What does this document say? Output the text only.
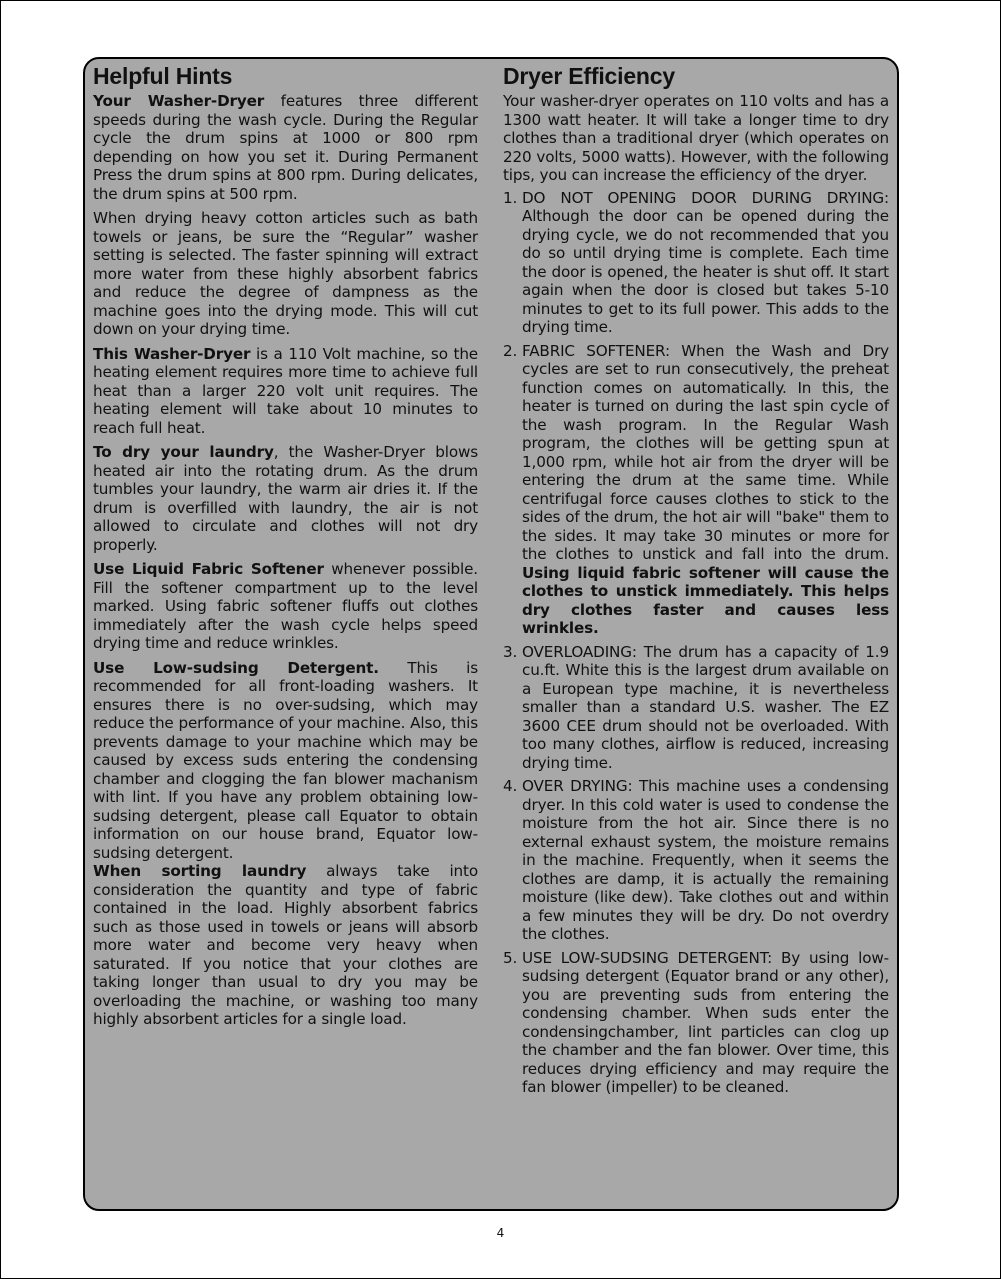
Helpful Hints

Your Washer-Dryer features three different speeds during the wash cycle. During the Regular cycle the drum spins at 1000 or 800 rpm depending on how you set it. During Permanent Press the drum spins at 800 rpm. During delicates, the drum spins at 500 rpm.

When drying heavy cotton articles such as bath towels or jeans, be sure the “Regular” washer setting is selected. The faster spinning will extract more water from these highly absorbent fabrics and reduce the degree of dampness as the machine goes into the drying mode. This will cut down on your drying time.

This Washer-Dryer is a 110 Volt machine, so the heating element requires more time to achieve full heat than a larger 220 volt unit requires. The heating element will take about 10 minutes to reach full heat.

To dry your laundry, the Washer-Dryer blows heated air into the rotating drum. As the drum tumbles your laundry, the warm air dries it. If the drum is overfilled with laundry, the air is not allowed to circulate and clothes will not dry properly.

Use Liquid Fabric Softener whenever possible. Fill the softener compartment up to the level marked. Using fabric softener fluffs out clothes immediately after the wash cycle helps speed drying time and reduce wrinkles.

Use Low-sudsing Detergent. This is recommended for all front-loading washers. It ensures there is no over-sudsing, which may reduce the performance of your machine. Also, this prevents damage to your machine which may be caused by excess suds entering the condensing chamber and clogging the fan blower machanism with lint. If you have any problem obtaining low-sudsing detergent, please call Equator to obtain information on our house brand, Equator low-sudsing detergent.

When sorting laundry always take into consideration the quantity and type of fabric contained in the load. Highly absorbent fabrics such as those used in towels or jeans will absorb more water and become very heavy when saturated. If you notice that your clothes are taking longer than usual to dry you may be overloading the machine, or washing too many highly absorbent articles for a single load.

Dryer Efficiency

Your washer-dryer operates on 110 volts and has a 1300 watt heater. It will take a longer time to dry clothes than a traditional dryer (which operates on 220 volts, 5000 watts). However, with the following tips, you can increase the efficiency of the dryer.

1. DO NOT OPENING DOOR DURING DRYING: Although the door can be opened during the drying cycle, we do not recommended that you do so until drying time is complete. Each time the door is opened, the heater is shut off. It start again when the door is closed but takes 5-10 minutes to get to its full power. This adds to the drying time.
2. FABRIC SOFTENER: When the Wash and Dry cycles are set to run consecutively, the preheat function comes on automatically. In this, the heater is turned on during the last spin cycle of the wash program. In the Regular Wash program, the clothes will be getting spun at 1,000 rpm, while hot air from the dryer will be entering the drum at the same time. While centrifugal force causes clothes to stick to the sides of the drum, the hot air will "bake" them to the sides. It may take 30 minutes or more for the clothes to unstick and fall into the drum. Using liquid fabric softener will cause the clothes to unstick immediately. This helps dry clothes faster and causes less wrinkles.
3. OVERLOADING: The drum has a capacity of 1.9 cu.ft. White this is the largest drum available on a European type machine, it is nevertheless smaller than a standard U.S. washer. The EZ 3600 CEE drum should not be overloaded. With too many clothes, airflow is reduced, increasing drying time.
4. OVER DRYING: This machine uses a condensing dryer. In this cold water is used to condense the moisture from the hot air. Since there is no external exhaust system, the moisture remains in the machine. Frequently, when it seems the clothes are damp, it is actually the remaining moisture (like dew). Take clothes out and within a few minutes they will be dry. Do not overdry the clothes.
5. USE LOW-SUDSING DETERGENT: By using low-sudsing detergent (Equator brand or any other), you are preventing suds from entering the condensing chamber. When suds enter the condensingchamber, lint particles can clog up the chamber and the fan blower. Over time, this reduces drying efficiency and may require the fan blower (impeller) to be cleaned.
4
